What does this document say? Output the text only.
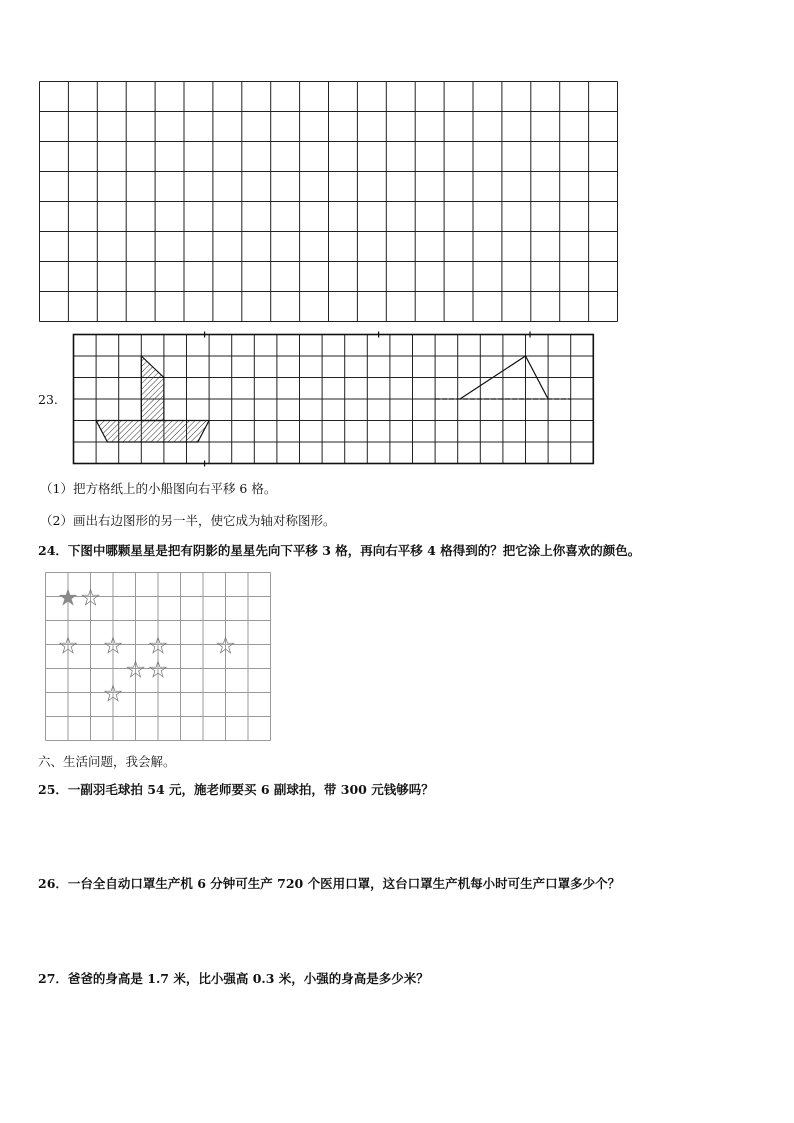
23.
（1）把方格纸上的小船图向右平移 6 格。
（2）画出右边图形的另一半，使它成为轴对称图形。
24．下图中哪颗星星是把有阴影的星星先向下平移 3 格，再向右平移 4 格得到的？把它涂上你喜欢的颜色。
★ ☆
☆ ☆ ☆ ☆
☆ ☆
☆
六、生活问题，我会解。
25．一副羽毛球拍 54 元，施老师要买 6 副球拍，带 300 元钱够吗？
26．一台全自动口罩生产机 6 分钟可生产 720 个医用口罩，这台口罩生产机每小时可生产口罩多少个？
27．爸爸的身高是 1.7 米，比小强高 0.3 米，小强的身高是多少米？
